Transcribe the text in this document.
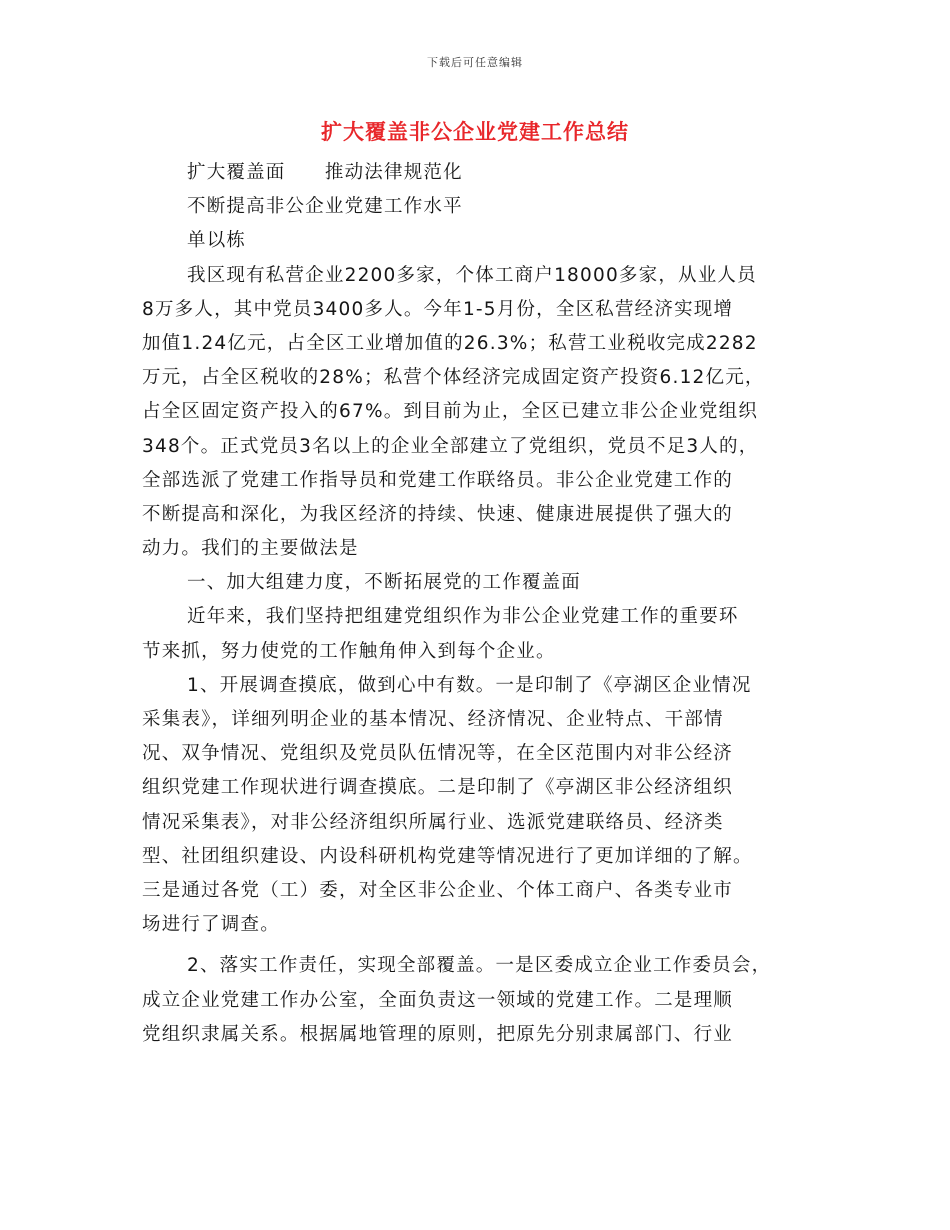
下载后可任意编辑
扩大覆盖非公企业党建工作总结
扩大覆盖面　　推动法律规范化
不断提高非公企业党建工作水平
单以栋
我区现有私营企业2200多家，个体工商户18000多家，从业人员
8万多人，其中党员3400多人。今年1-5月份，全区私营经济实现增
加值1.24亿元，占全区工业增加值的26.3%；私营工业税收完成2282
万元，占全区税收的28%；私营个体经济完成固定资产投资6.12亿元，
占全区固定资产投入的67%。到目前为止，全区已建立非公企业党组织
348个。正式党员3名以上的企业全部建立了党组织，党员不足3人的，
全部选派了党建工作指导员和党建工作联络员。非公企业党建工作的
不断提高和深化，为我区经济的持续、快速、健康进展提供了强大的
动力。我们的主要做法是
一、加大组建力度，不断拓展党的工作覆盖面
近年来，我们坚持把组建党组织作为非公企业党建工作的重要环
节来抓，努力使党的工作触角伸入到每个企业。
1、开展调查摸底，做到心中有数。一是印制了《亭湖区企业情况
采集表》，详细列明企业的基本情况、经济情况、企业特点、干部情
况、双争情况、党组织及党员队伍情况等，在全区范围内对非公经济
组织党建工作现状进行调查摸底。二是印制了《亭湖区非公经济组织
情况采集表》，对非公经济组织所属行业、选派党建联络员、经济类
型、社团组织建设、内设科研机构党建等情况进行了更加详细的了解。
三是通过各党（工）委，对全区非公企业、个体工商户、各类专业市
场进行了调查。
2、落实工作责任，实现全部覆盖。一是区委成立企业工作委员会，
成立企业党建工作办公室，全面负责这一领域的党建工作。二是理顺
党组织隶属关系。根据属地管理的原则，把原先分别隶属部门、行业
